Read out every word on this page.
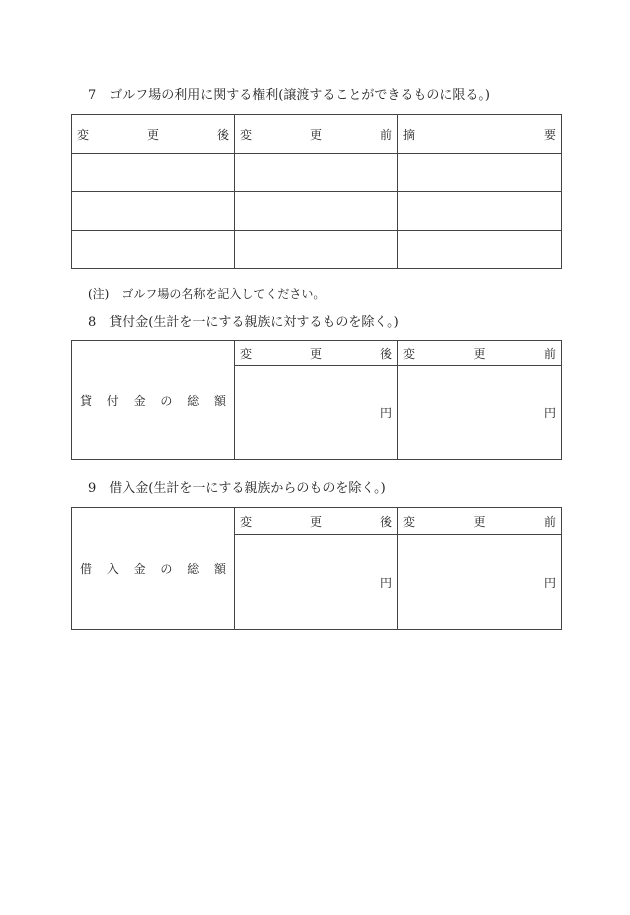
7　ゴルフ場の利用に関する権利(譲渡することができるものに限る。)
変更後	変更前	摘要

(注)　ゴルフ場の名称を記入してください。
8　貸付金(生計を一にする親族に対するものを除く。)
貸付金の総額	変更後	変更前
	円	円
9　借入金(生計を一にする親族からのものを除く。)
借入金の総額	変更後	変更前
	円	円
